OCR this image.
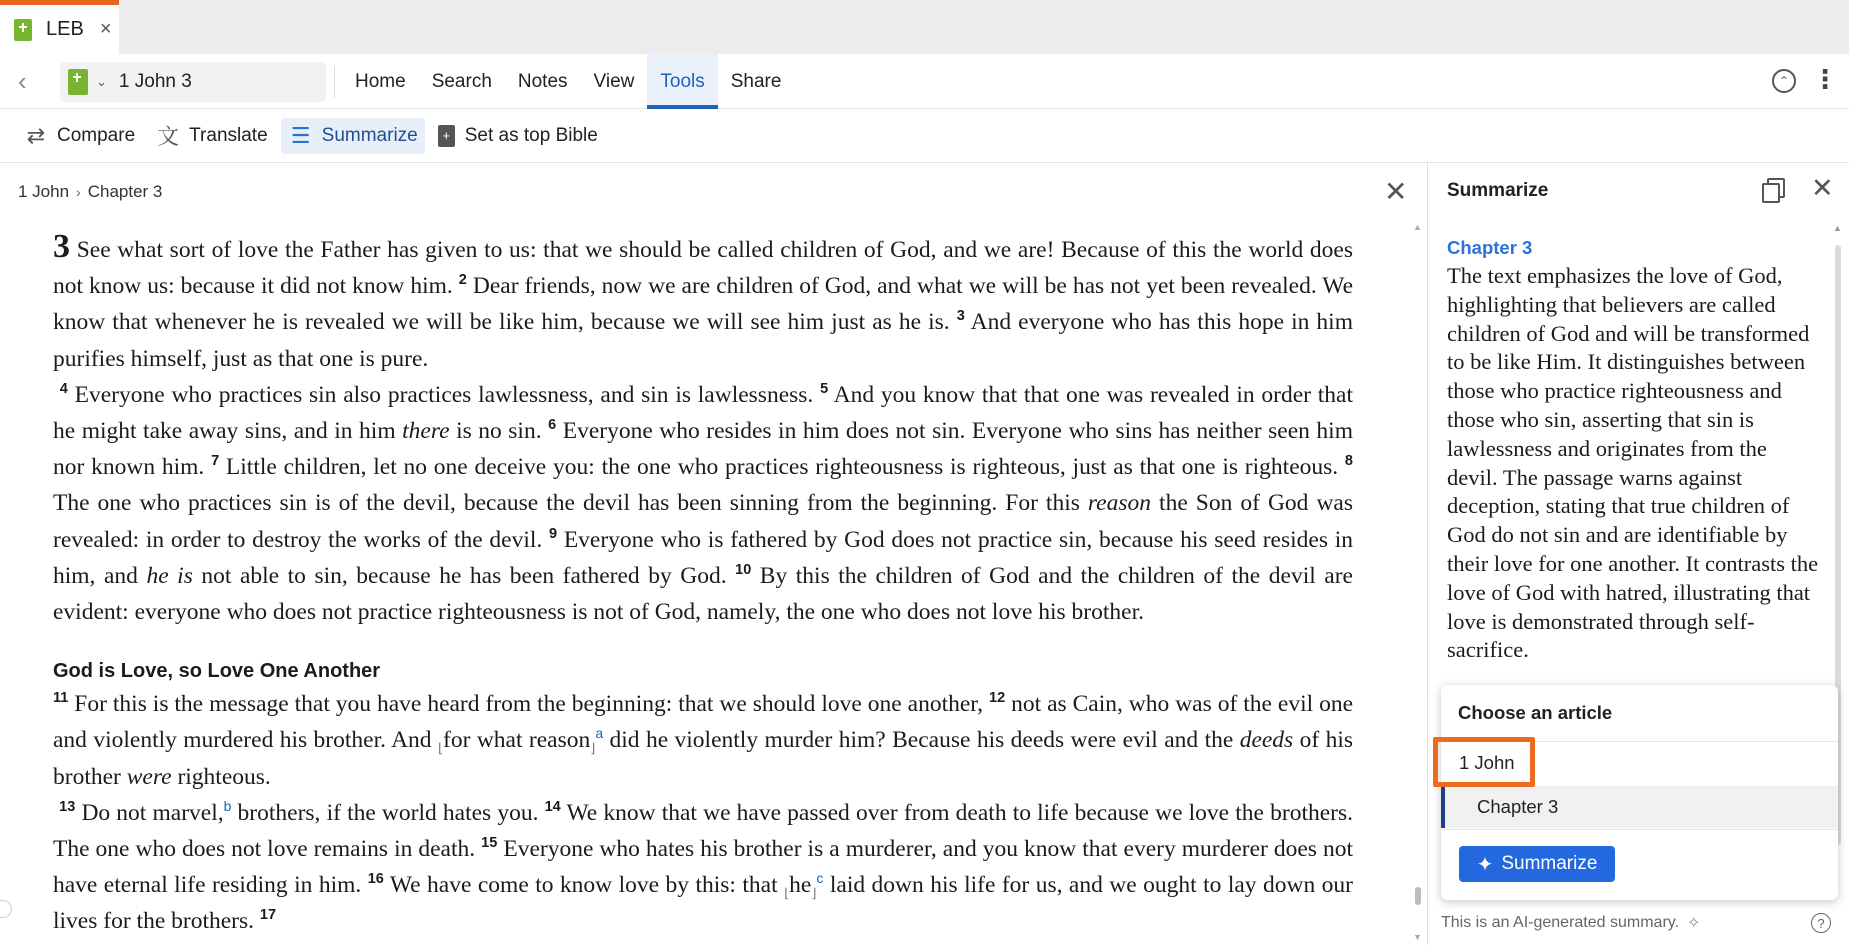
LEB ×
‹	⌄ 1 John 3	Home	Search	Notes	View	Tools	Share	⌃ ⋮
⇄ Compare 文 Translate ☰ Summarize	+ Set as top Bible
1 John › Chapter 3	✕

3 See what sort of love the Father has given to us: that we should be called children of God, and we are! Because of this the world does not know us: because it did not know him. $^2$ Dear friends, now we are children of God, and what we will be has not yet been revealed. We know that whenever he is revealed we will be like him, because we will see him just as he is. $^3$ And everyone who has this hope in him purifies himself, just as that one is pure.

$^4$ Everyone who practices sin also practices lawlessness, and sin is lawlessness. $^5$ And you know that that one was revealed in order that he might take away sins, and in him there is no sin. $^6$ Everyone who resides in him does not sin. Everyone who sins has neither seen him nor known him. $^7$ Little children, let no one deceive you: the one who practices righteousness is righteous, just as that one is righteous. $^8$ The one who practices sin is of the devil, because the devil has been sinning from the beginning. For this reason the Son of God was revealed: in order to destroy the works of the devil. $^9$ Everyone who is fathered by God does not practice sin, because his seed resides in him, and he is not able to sin, because he has been fathered by God. $^{10}$ By this the children of God and the children of the devil are evident: everyone who does not practice righteousness is not of God, namely, the one who does not love his brother.

God is Love, so Love One Another

$^{11}$ For this is the message that you have heard from the beginning: that we should love one another, $^{12}$ not as Cain, who was of the evil one and violently murdered his brother. And $_⌊$for what reason$_⌋^a$ did he violently murder him? Because his deeds were evil and the deeds of his brother were righteous.

$^{13}$ Do not marvel,$^b$ brothers, if the world hates you. $^{14}$ We know that we have passed over from death to life because we love the brothers. The one who does not love remains in death. $^{15}$ Everyone who hates his brother is a murderer, and you know that every murderer does not have eternal life residing in him. $^{16}$ We have come to know love by this: that $_⌊he_⌋^c$ laid down his life for us, and we ought to lay down our lives for the brothers. $^{17}$

▲
▼
Summarize	✕
Chapter 3
The text emphasizes the love of God, highlighting that believers are called children of God and will be transformed to be like Him. It distinguishes between those who practice righteousness and those who sin, asserting that sin is lawlessness and originates from the devil. The passage warns against deception, stating that true children of God do not sin and are identifiable by their love for one another. It contrasts the love of God with hatred, illustrating that love is demonstrated through self-sacrifice.
▲
Choose an article
1 John
Chapter 3
✦ Summarize
This is an AI-generated summary. ✧	?
